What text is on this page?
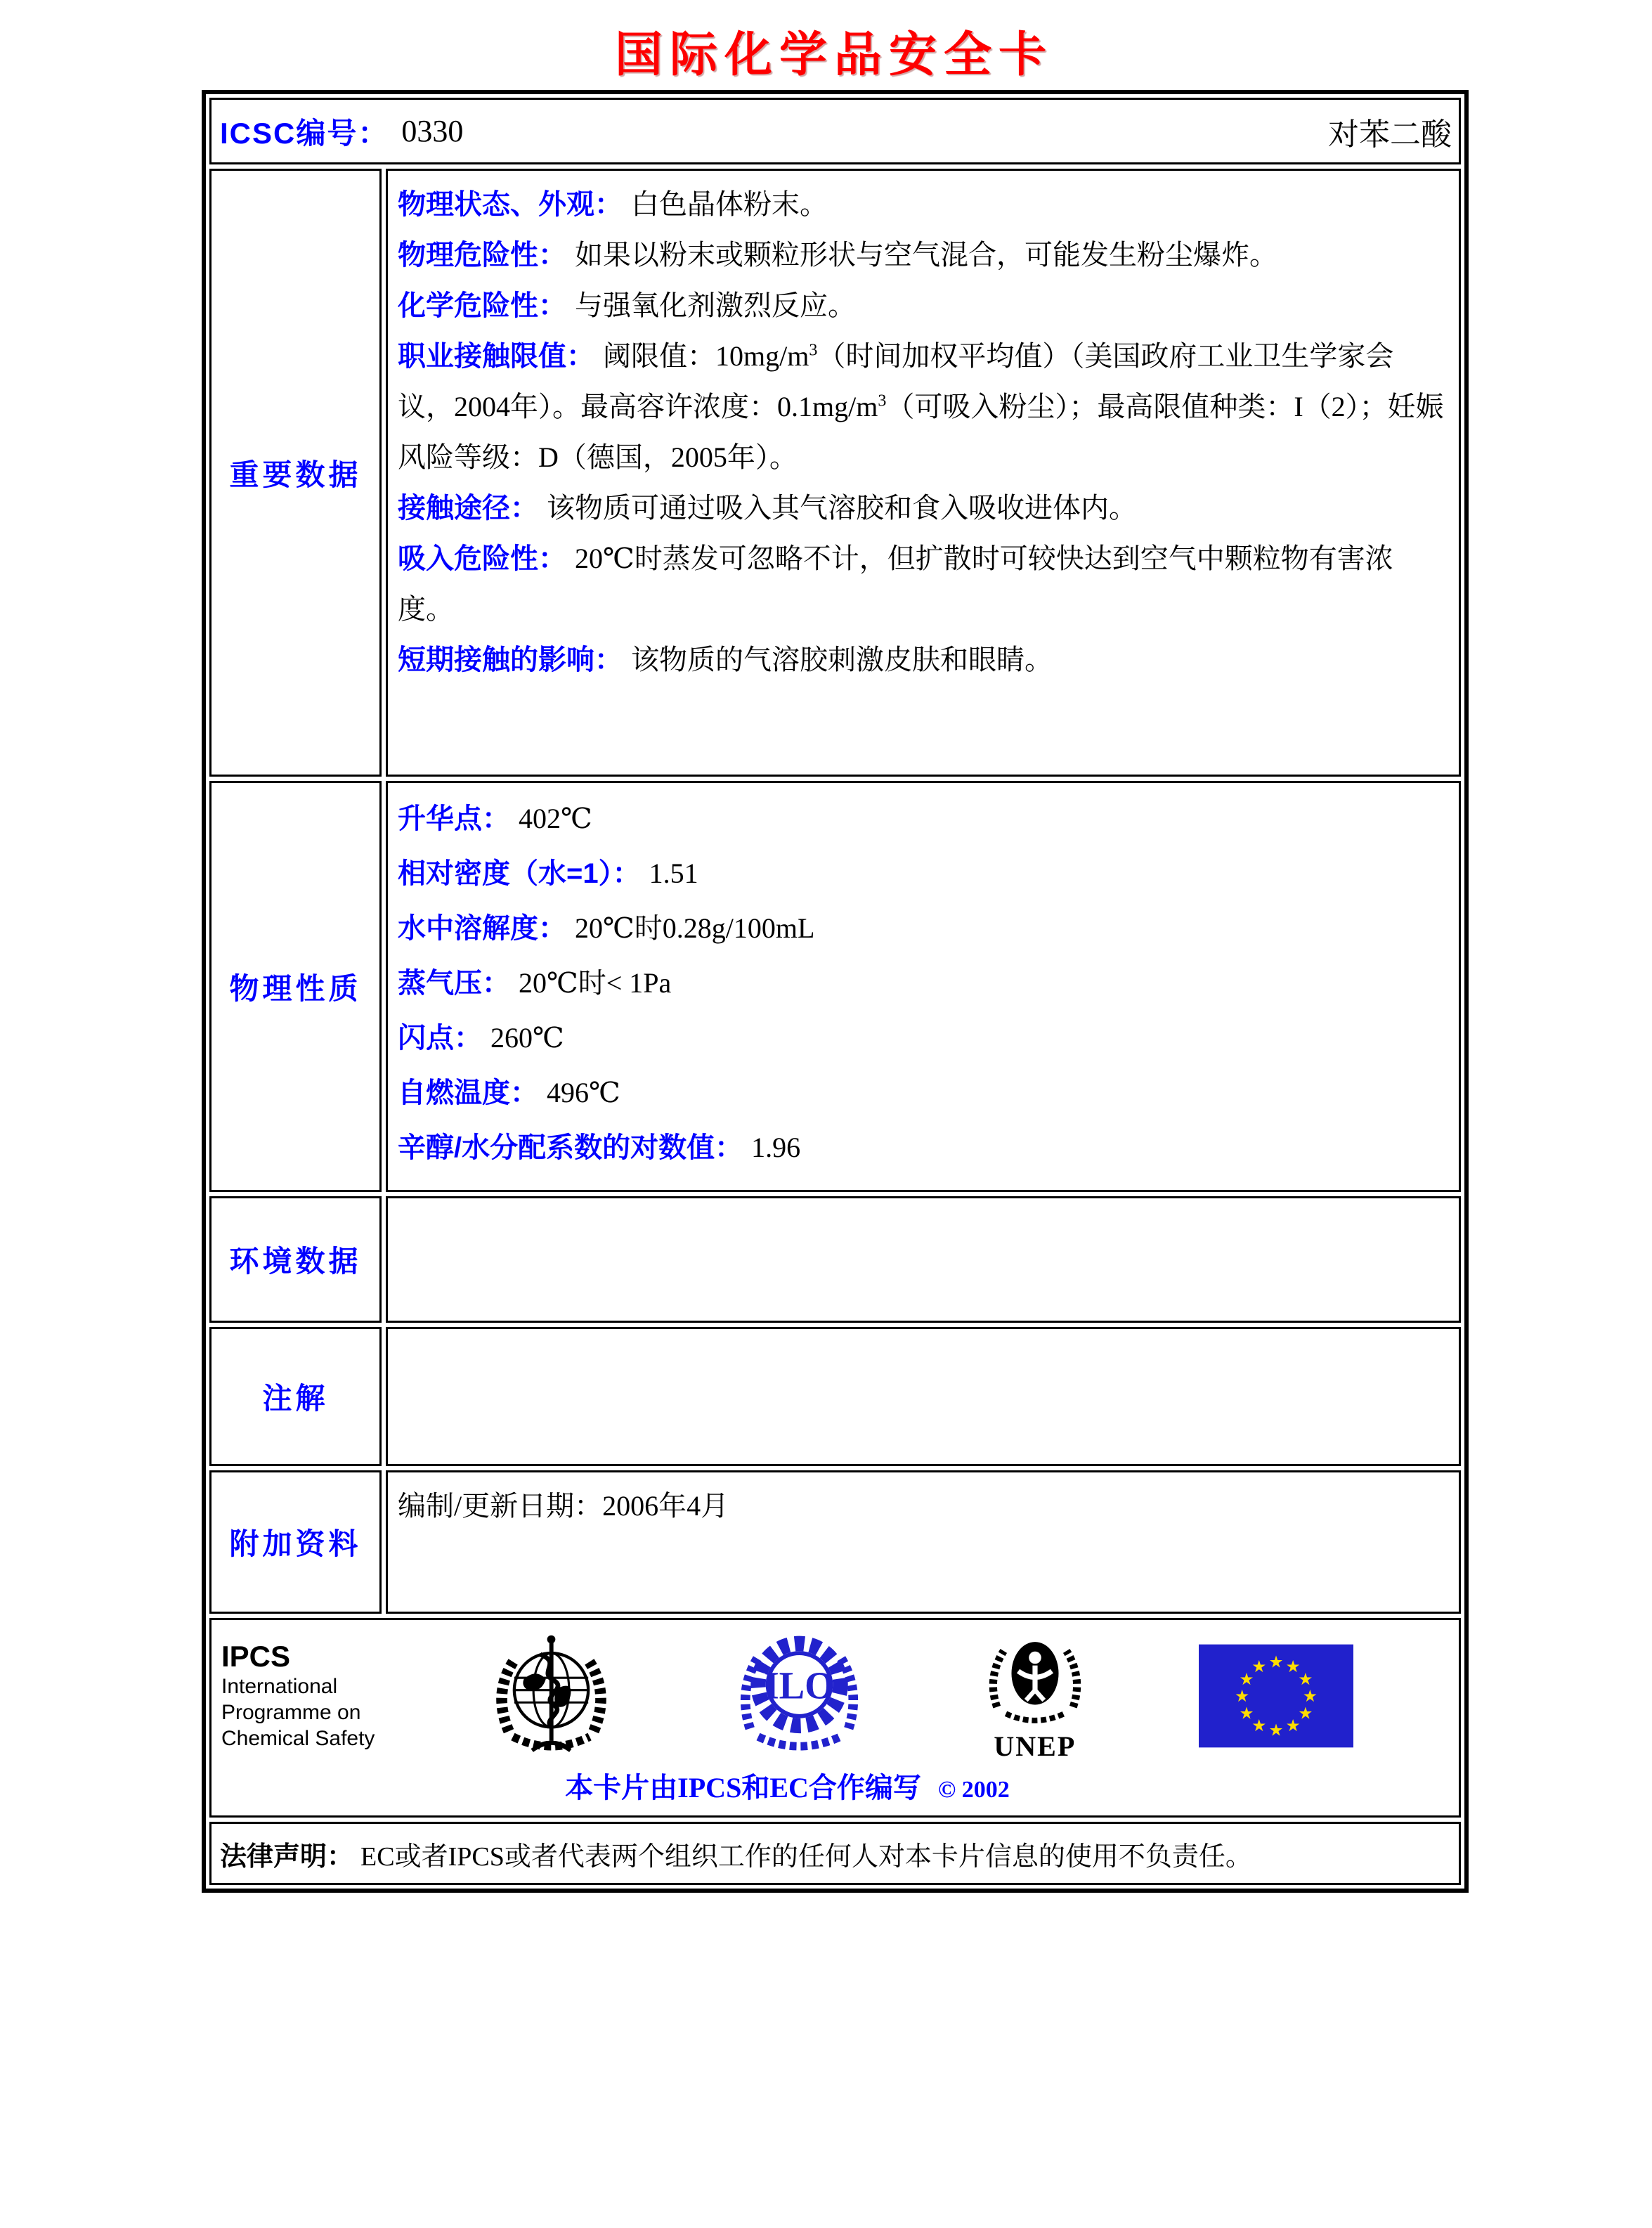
国际化学品安全卡
ICSC编号： 0330	对苯二酸
重要数据
物理状态、外观： 白色晶体粉末。
物理危险性： 如果以粉末或颗粒形状与空气混合，可能发生粉尘爆炸。
化学危险性： 与强氧化剂激烈反应。
职业接触限值： 阈限值：$10mg/m^3$（时间加权平均值）（美国政府工业卫生学家会议，2004年）。最高容许浓度：$0.1mg/m^3$（可吸入粉尘）；最高限值种类：I（2）；妊娠风险等级：D（德国，2005年）。
接触途径： 该物质可通过吸入其气溶胶和食入吸收进体内。
吸入危险性： 20℃时蒸发可忽略不计，但扩散时可较快达到空气中颗粒物有害浓度。
短期接触的影响： 该物质的气溶胶刺激皮肤和眼睛。
物理性质
升华点： 402℃
相对密度（水=1）： 1.51
水中溶解度： 20℃时0.28g/100mL
蒸气压： 20℃时< 1Pa
闪点： 260℃
自燃温度： 496℃
辛醇/水分配系数的对数值： 1.96
环境数据
注解
附加资料
编制/更新日期：2006年4月
IPCS
International
Programme on
Chemical Safety
ILO
UNEP
★ ★
★
★
★
★
★
★
★
★
★
★
本卡片由IPCS和EC合作编写 © 2002
法律声明： EC或者IPCS或者代表两个组织工作的任何人对本卡片信息的使用不负责任。
